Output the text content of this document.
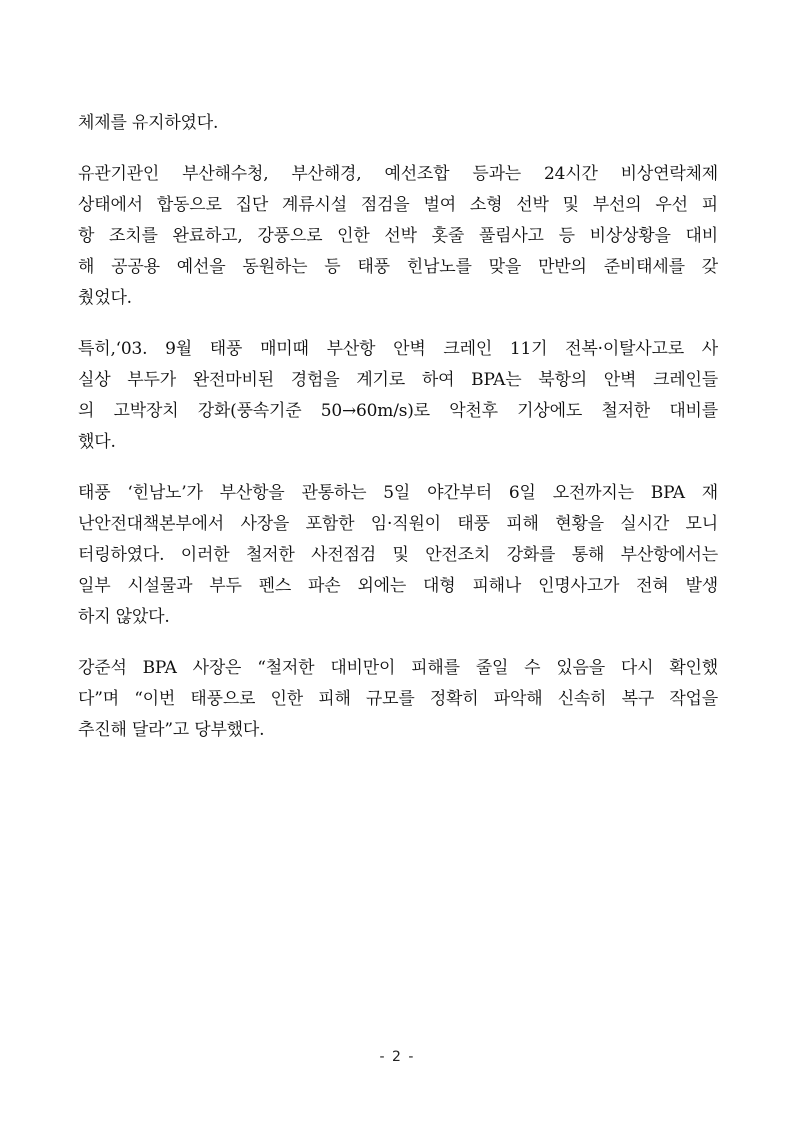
체제를 유지하였다.
유관기관인 부산해수청, 부산해경, 예선조합 등과는 24시간 비상연락체제
상태에서 합동으로 집단 계류시설 점검을 벌여 소형 선박 및 부선의 우선 피
항 조치를 완료하고, 강풍으로 인한 선박 홋줄 풀림사고 등 비상상황을 대비
해 공공용 예선을 동원하는 등 태풍 힌남노를 맞을 만반의 준비태세를 갖
췄었다.
특히,‘03. 9월 태풍 매미때 부산항 안벽 크레인 11기 전복·이탈사고로 사
실상 부두가 완전마비된 경험을 계기로 하여 BPA는 북항의 안벽 크레인들
의 고박장치 강화(풍속기준 50→60m/s)로 악천후 기상에도 철저한 대비를
했다.
태풍 ‘힌남노’가 부산항을 관통하는 5일 야간부터 6일 오전까지는 BPA 재
난안전대책본부에서 사장을 포함한 임·직원이 태풍 피해 현황을 실시간 모니
터링하였다. 이러한 철저한 사전점검 및 안전조치 강화를 통해 부산항에서는
일부 시설물과 부두 펜스 파손 외에는 대형 피해나 인명사고가 전혀 발생
하지 않았다.
강준석 BPA 사장은 “철저한 대비만이 피해를 줄일 수 있음을 다시 확인했
다”며 “이번 태풍으로 인한 피해 규모를 정확히 파악해 신속히 복구 작업을
추진해 달라”고 당부했다.
- 2 -
